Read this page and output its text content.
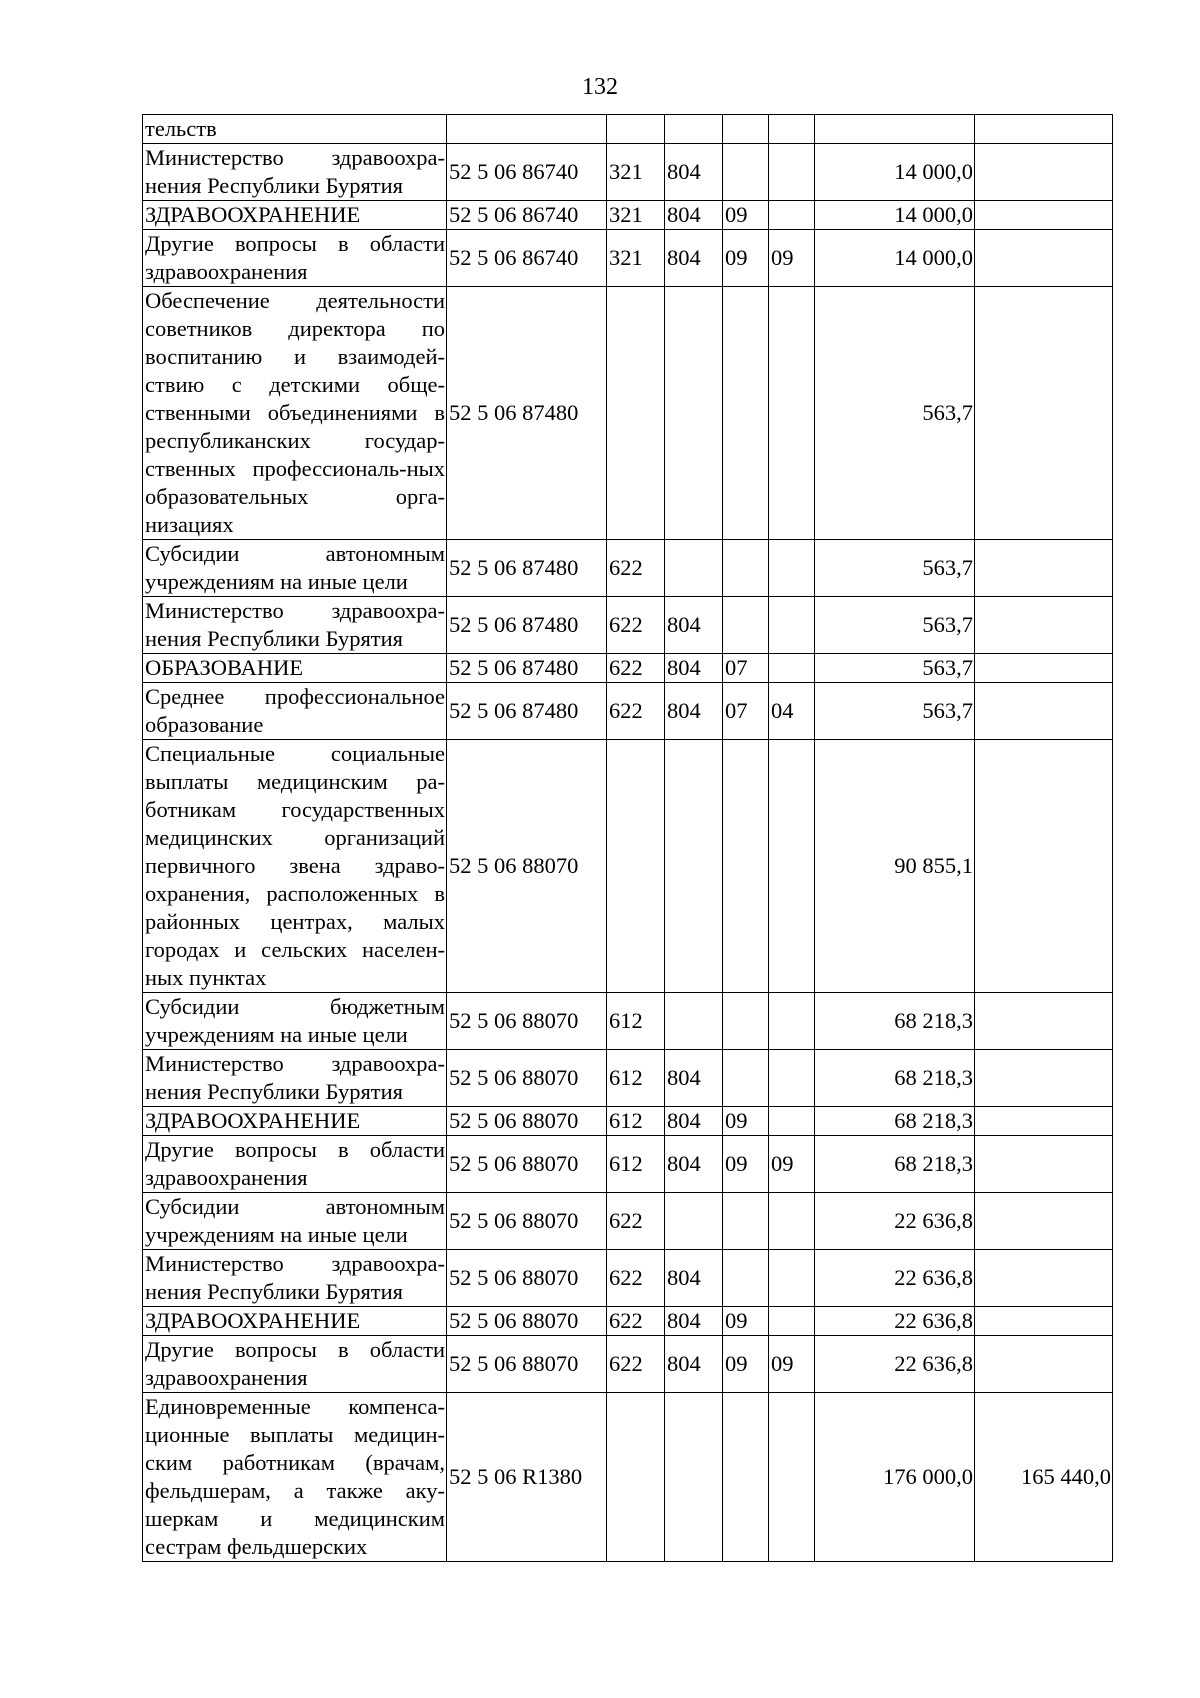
132
тельств							
Министерство здравоохра-нения Республики Бурятия	52 5 06 86740	321	804			14 000,0	
ЗДРАВООХРАНЕНИЕ	52 5 06 86740	321	804	09		14 000,0	
Другие вопросы в области здравоохранения	52 5 06 86740	321	804	09	09	14 000,0	
Обеспечение деятельности советников директора по воспитанию и взаимодей-ствию с детскими обще-ственными объединениями в республиканских государ-ственных профессиональ-ных образовательных орга-низациях	52 5 06 87480					563,7	
Субсидии автономным учреждениям на иные цели	52 5 06 87480	622				563,7	
Министерство здравоохра-нения Республики Бурятия	52 5 06 87480	622	804			563,7	
ОБРАЗОВАНИЕ	52 5 06 87480	622	804	07		563,7	
Среднее профессиональное образование	52 5 06 87480	622	804	07	04	563,7	
Специальные социальные выплаты медицинским ра-ботникам государственных медицинских организаций первичного звена здраво-охранения, расположенных в районных центрах, малых городах и сельских населен-ных пунктах	52 5 06 88070					90 855,1	
Субсидии бюджетным учреждениям на иные цели	52 5 06 88070	612				68 218,3	
Министерство здравоохра-нения Республики Бурятия	52 5 06 88070	612	804			68 218,3	
ЗДРАВООХРАНЕНИЕ	52 5 06 88070	612	804	09		68 218,3	
Другие вопросы в области здравоохранения	52 5 06 88070	612	804	09	09	68 218,3	
Субсидии автономным учреждениям на иные цели	52 5 06 88070	622				22 636,8	
Министерство здравоохра-нения Республики Бурятия	52 5 06 88070	622	804			22 636,8	
ЗДРАВООХРАНЕНИЕ	52 5 06 88070	622	804	09		22 636,8	
Другие вопросы в области здравоохранения	52 5 06 88070	622	804	09	09	22 636,8	
Единовременные компенса-ционные выплаты медицин-ским работникам (врачам, фельдшерам, а также аку-шеркам и медицинским сестрам фельдшерских	52 5 06 R1380					176 000,0	165 440,0
